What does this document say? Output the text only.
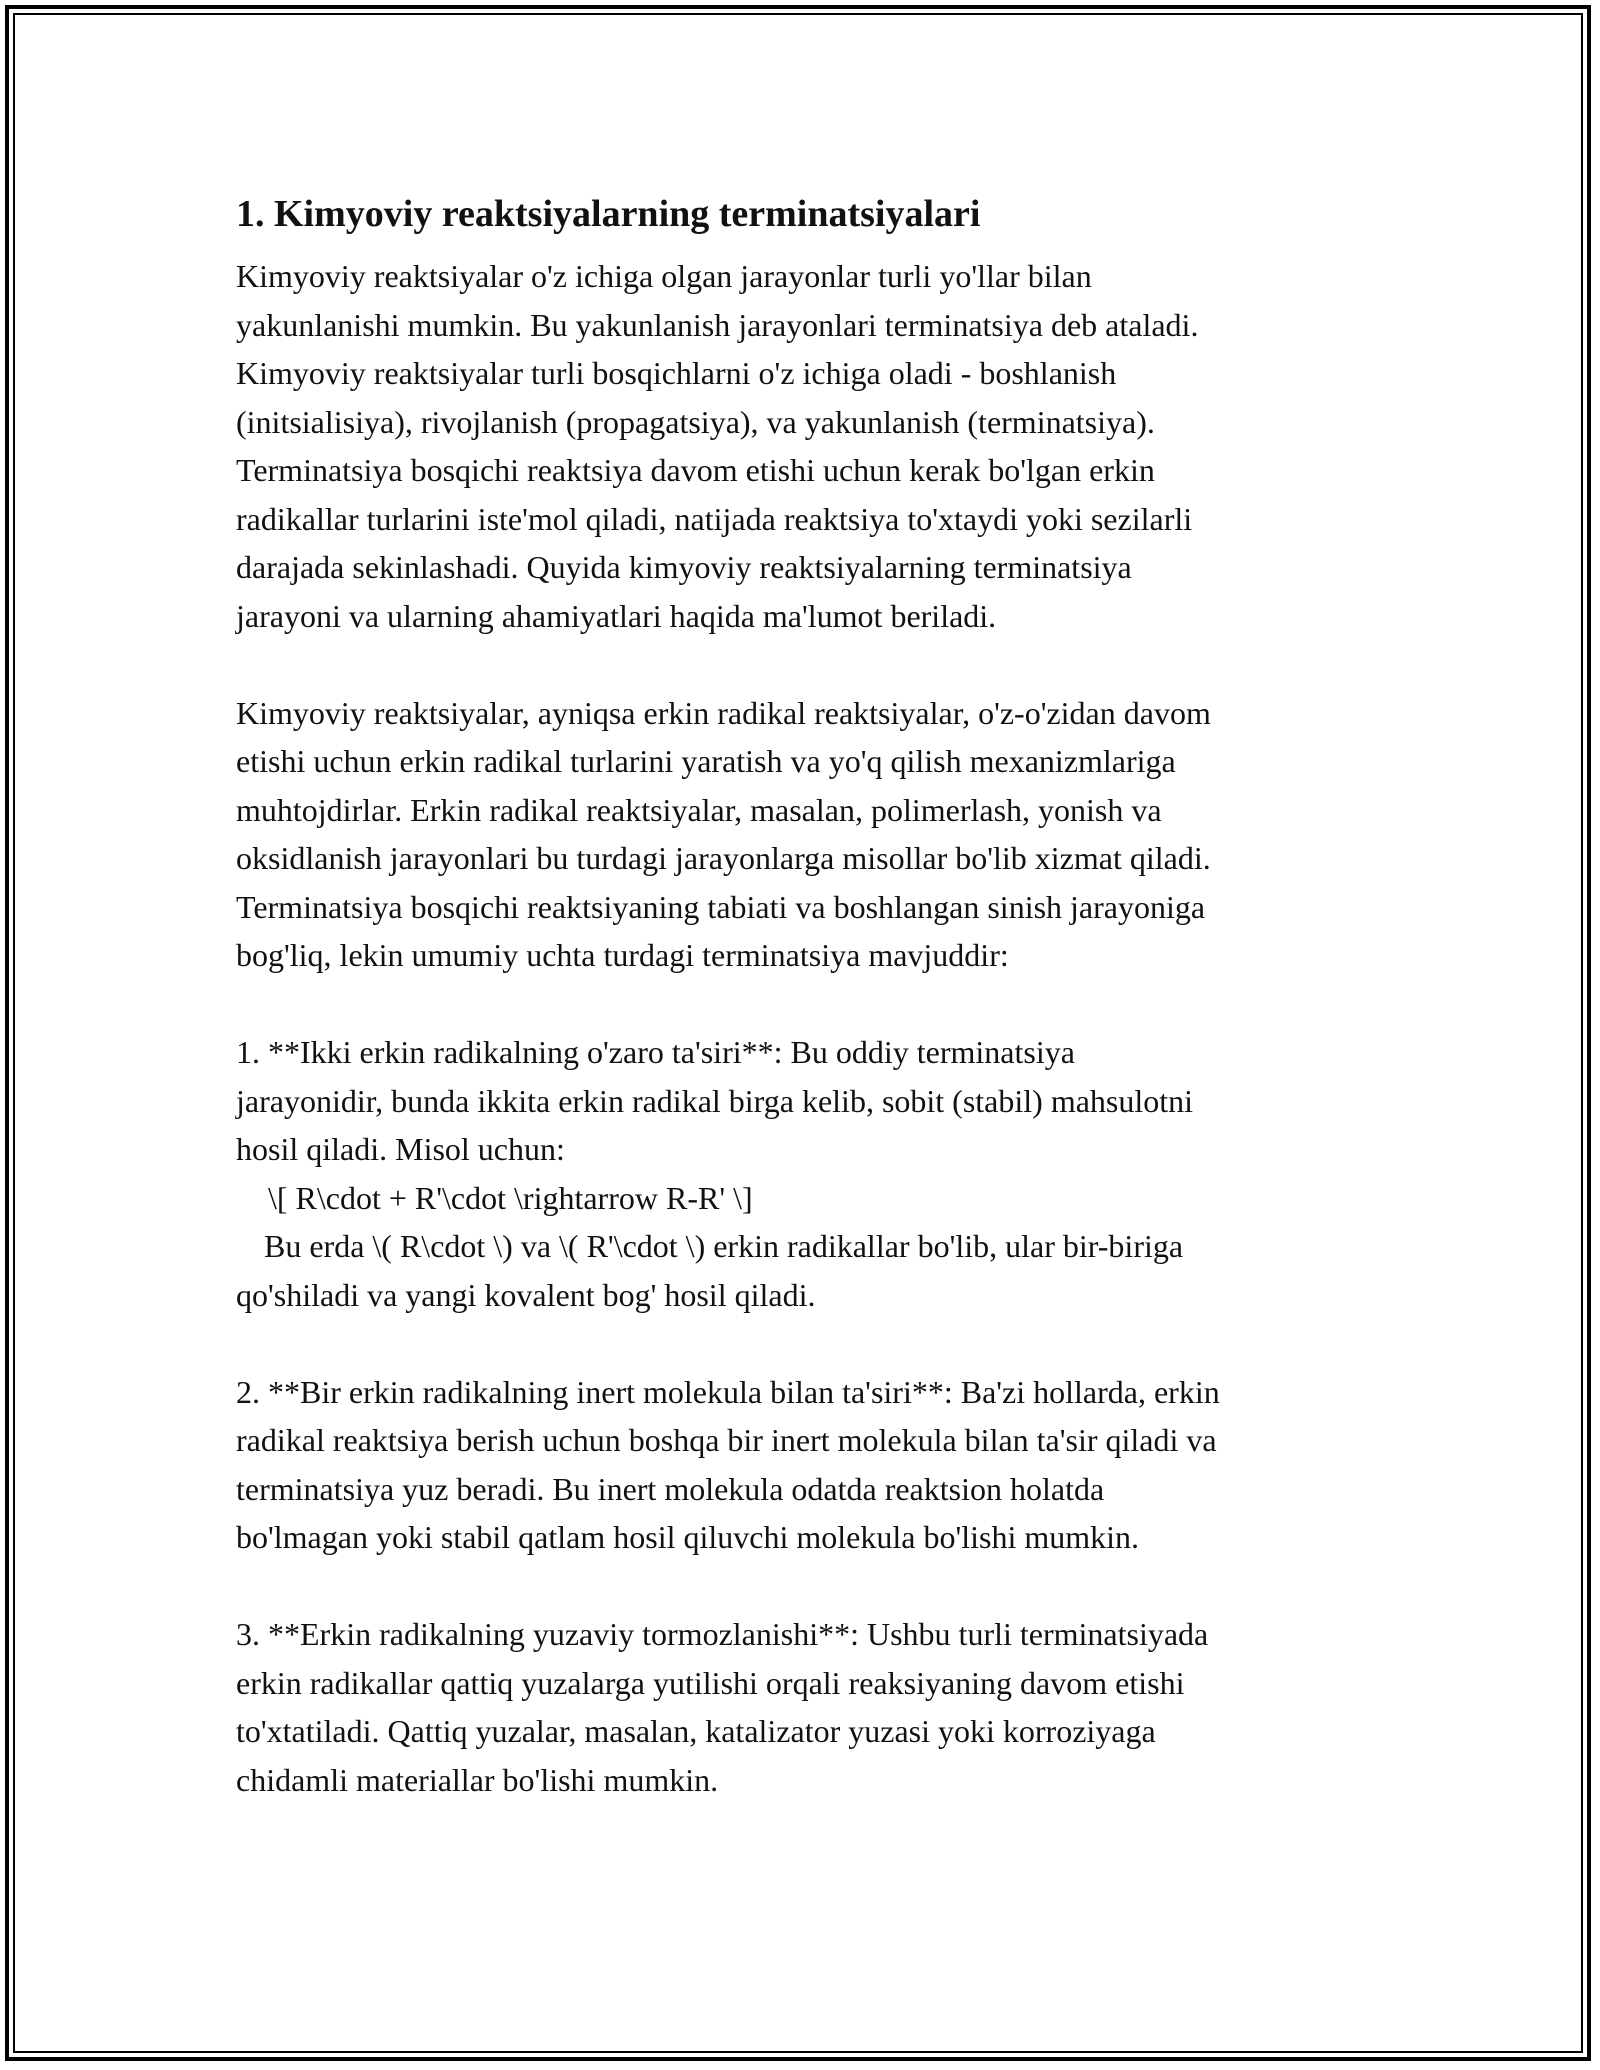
1. Kimyoviy reaktsiyalarning terminatsiyalari

Kimyoviy reaktsiyalar o'z ichiga olgan jarayonlar turli yo'llar bilan
yakunlanishi mumkin. Bu yakunlanish jarayonlari terminatsiya deb ataladi.
Kimyoviy reaktsiyalar turli bosqichlarni o'z ichiga oladi - boshlanish
(initsialisiya), rivojlanish (propagatsiya), va yakunlanish (terminatsiya).
Terminatsiya bosqichi reaktsiya davom etishi uchun kerak bo'lgan erkin
radikallar turlarini iste'mol qiladi, natijada reaktsiya to'xtaydi yoki sezilarli
darajada sekinlashadi. Quyida kimyoviy reaktsiyalarning terminatsiya
jarayoni va ularning ahamiyatlari haqida ma'lumot beriladi.

Kimyoviy reaktsiyalar, ayniqsa erkin radikal reaktsiyalar, o'z-o'zidan davom
etishi uchun erkin radikal turlarini yaratish va yo'q qilish mexanizmlariga
muhtojdirlar. Erkin radikal reaktsiyalar, masalan, polimerlash, yonish va
oksidlanish jarayonlari bu turdagi jarayonlarga misollar bo'lib xizmat qiladi.
Terminatsiya bosqichi reaktsiyaning tabiati va boshlangan sinish jarayoniga
bog'liq, lekin umumiy uchta turdagi terminatsiya mavjuddir:

1. **Ikki erkin radikalning o'zaro ta'siri**: Bu oddiy terminatsiya
jarayonidir, bunda ikkita erkin radikal birga kelib, sobit (stabil) mahsulotni
hosil qiladi. Misol uchun:
\[ R\cdot + R'\cdot \rightarrow R-R' \]
Bu erda \( R\cdot \) va \( R'\cdot \) erkin radikallar bo'lib, ular bir-biriga
qo'shiladi va yangi kovalent bog' hosil qiladi.

2. **Bir erkin radikalning inert molekula bilan ta'siri**: Ba'zi hollarda, erkin
radikal reaktsiya berish uchun boshqa bir inert molekula bilan ta'sir qiladi va
terminatsiya yuz beradi. Bu inert molekula odatda reaktsion holatda
bo'lmagan yoki stabil qatlam hosil qiluvchi molekula bo'lishi mumkin.

3. **Erkin radikalning yuzaviy tormozlanishi**: Ushbu turli terminatsiyada
erkin radikallar qattiq yuzalarga yutilishi orqali reaksiyaning davom etishi
to'xtatiladi. Qattiq yuzalar, masalan, katalizator yuzasi yoki korroziyaga
chidamli materiallar bo'lishi mumkin.
